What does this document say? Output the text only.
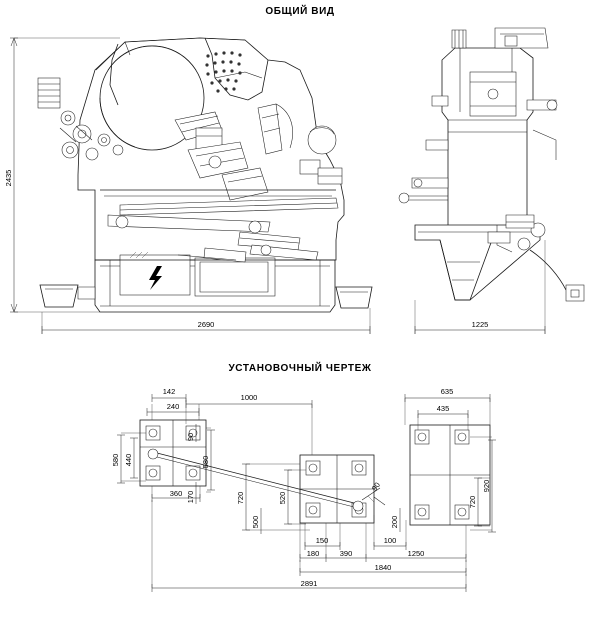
ОБЩИЙ ВИД
УСТАНОВОЧНЫЙ ЧЕРТЕЖ
2435
2690	1225
142
240
1000
635
435
90
580 440	580
360 170	720	520
90
720
920
200
500
150	100
180	390	1250
1840
2891
